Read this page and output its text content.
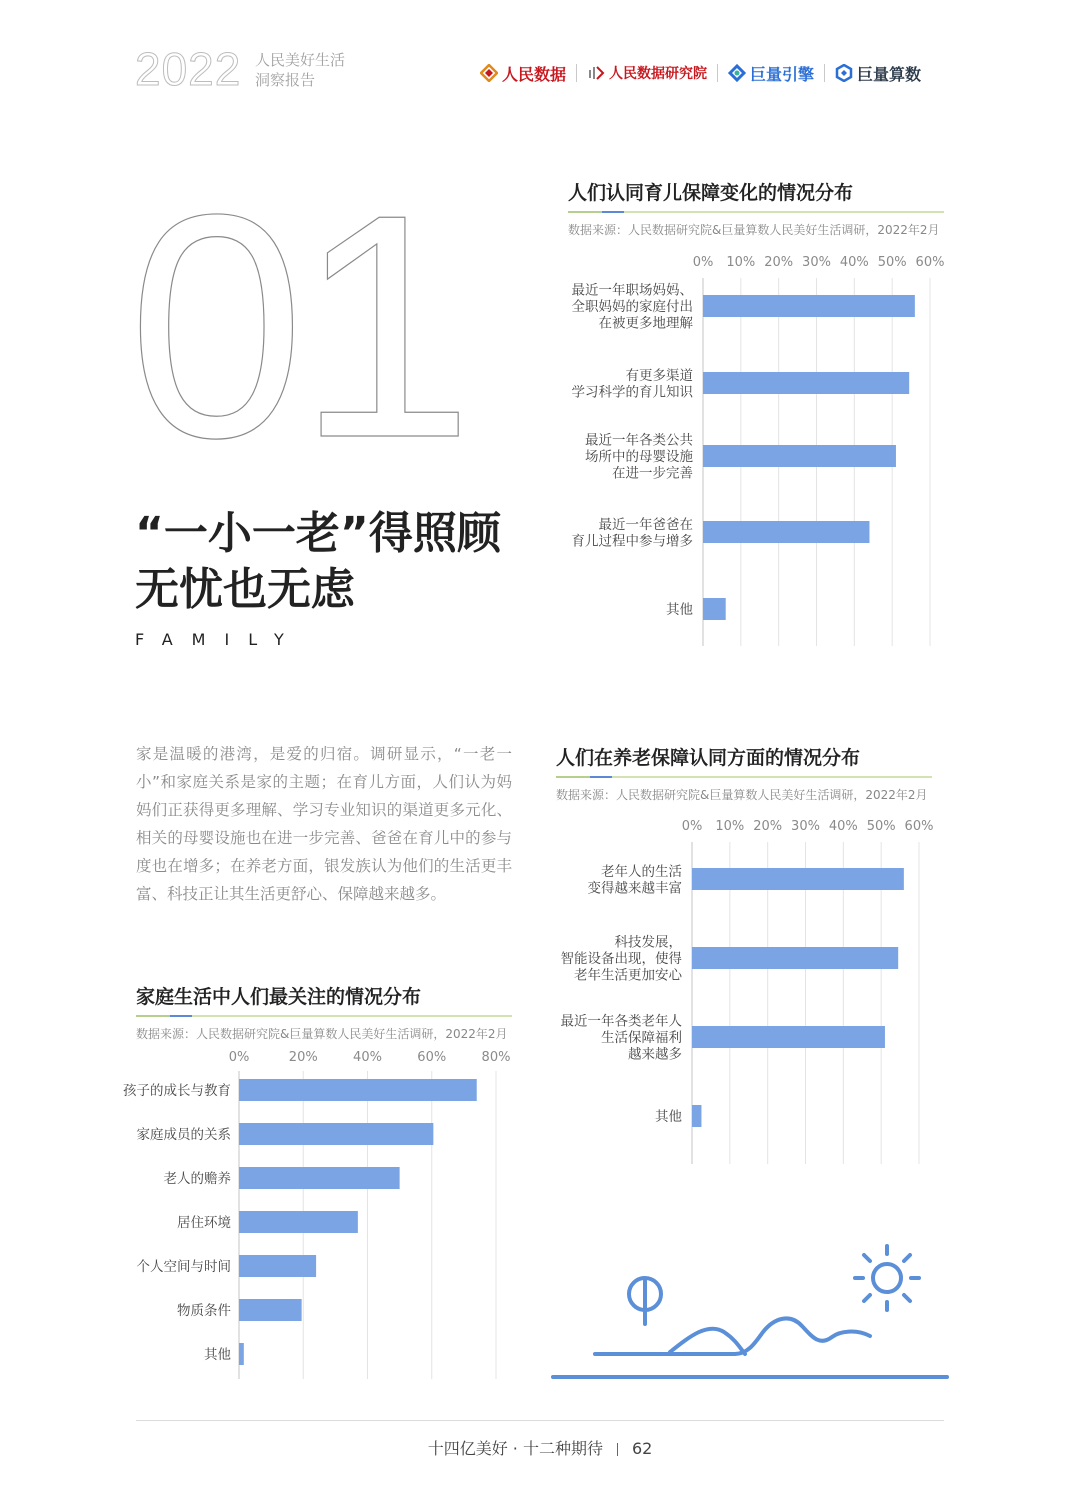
2022 人民美好生活
洞察报告	人民数据	人民数据研究院	巨量引擎	巨量算数
01
“一小一老”得照顾
无忧也无虑
FAMILY
家是温暖的港湾，是爱的归宿。调研显示，“一老一小”和家庭关系是家的主题；在育儿方面，人们认为妈妈们正获得更多理解、学习专业知识的渠道更多元化、相关的母婴设施也在进一步完善、爸爸在育儿中的参与度也在增多；在养老方面，银发族认为他们的生活更丰富、科技正让其生活更舒心、保障越来越多。
人们认同育儿保障变化的情况分布
数据来源：人民数据研究院&巨量算数人民美好生活调研，2022年2月
0% 10% 20% 30% 40% 50% 60%
最近一年职场妈妈、
全职妈妈的家庭付出
在被更多地理解
有更多渠道
学习科学的育儿知识
最近一年各类公共
场所中的母婴设施
在进一步完善
最近一年爸爸在
育儿过程中参与增多
其他
人们在养老保障认同方面的情况分布
数据来源：人民数据研究院&巨量算数人民美好生活调研，2022年2月
0% 10% 20% 30% 40% 50% 60%
老年人的生活
变得越来越丰富
科技发展，
智能设备出现，使得
老年生活更加安心
最近一年各类老年人
生活保障福利
越来越多
其他
家庭生活中人们最关注的情况分布
数据来源：人民数据研究院&巨量算数人民美好生活调研，2022年2月
0%	20%	40%	60%	80%
孩子的成长与教育
家庭成员的关系
老人的赡养
居住环境
个人空间与时间
物质条件
其他
十四亿美好 · 十二种期待 62
